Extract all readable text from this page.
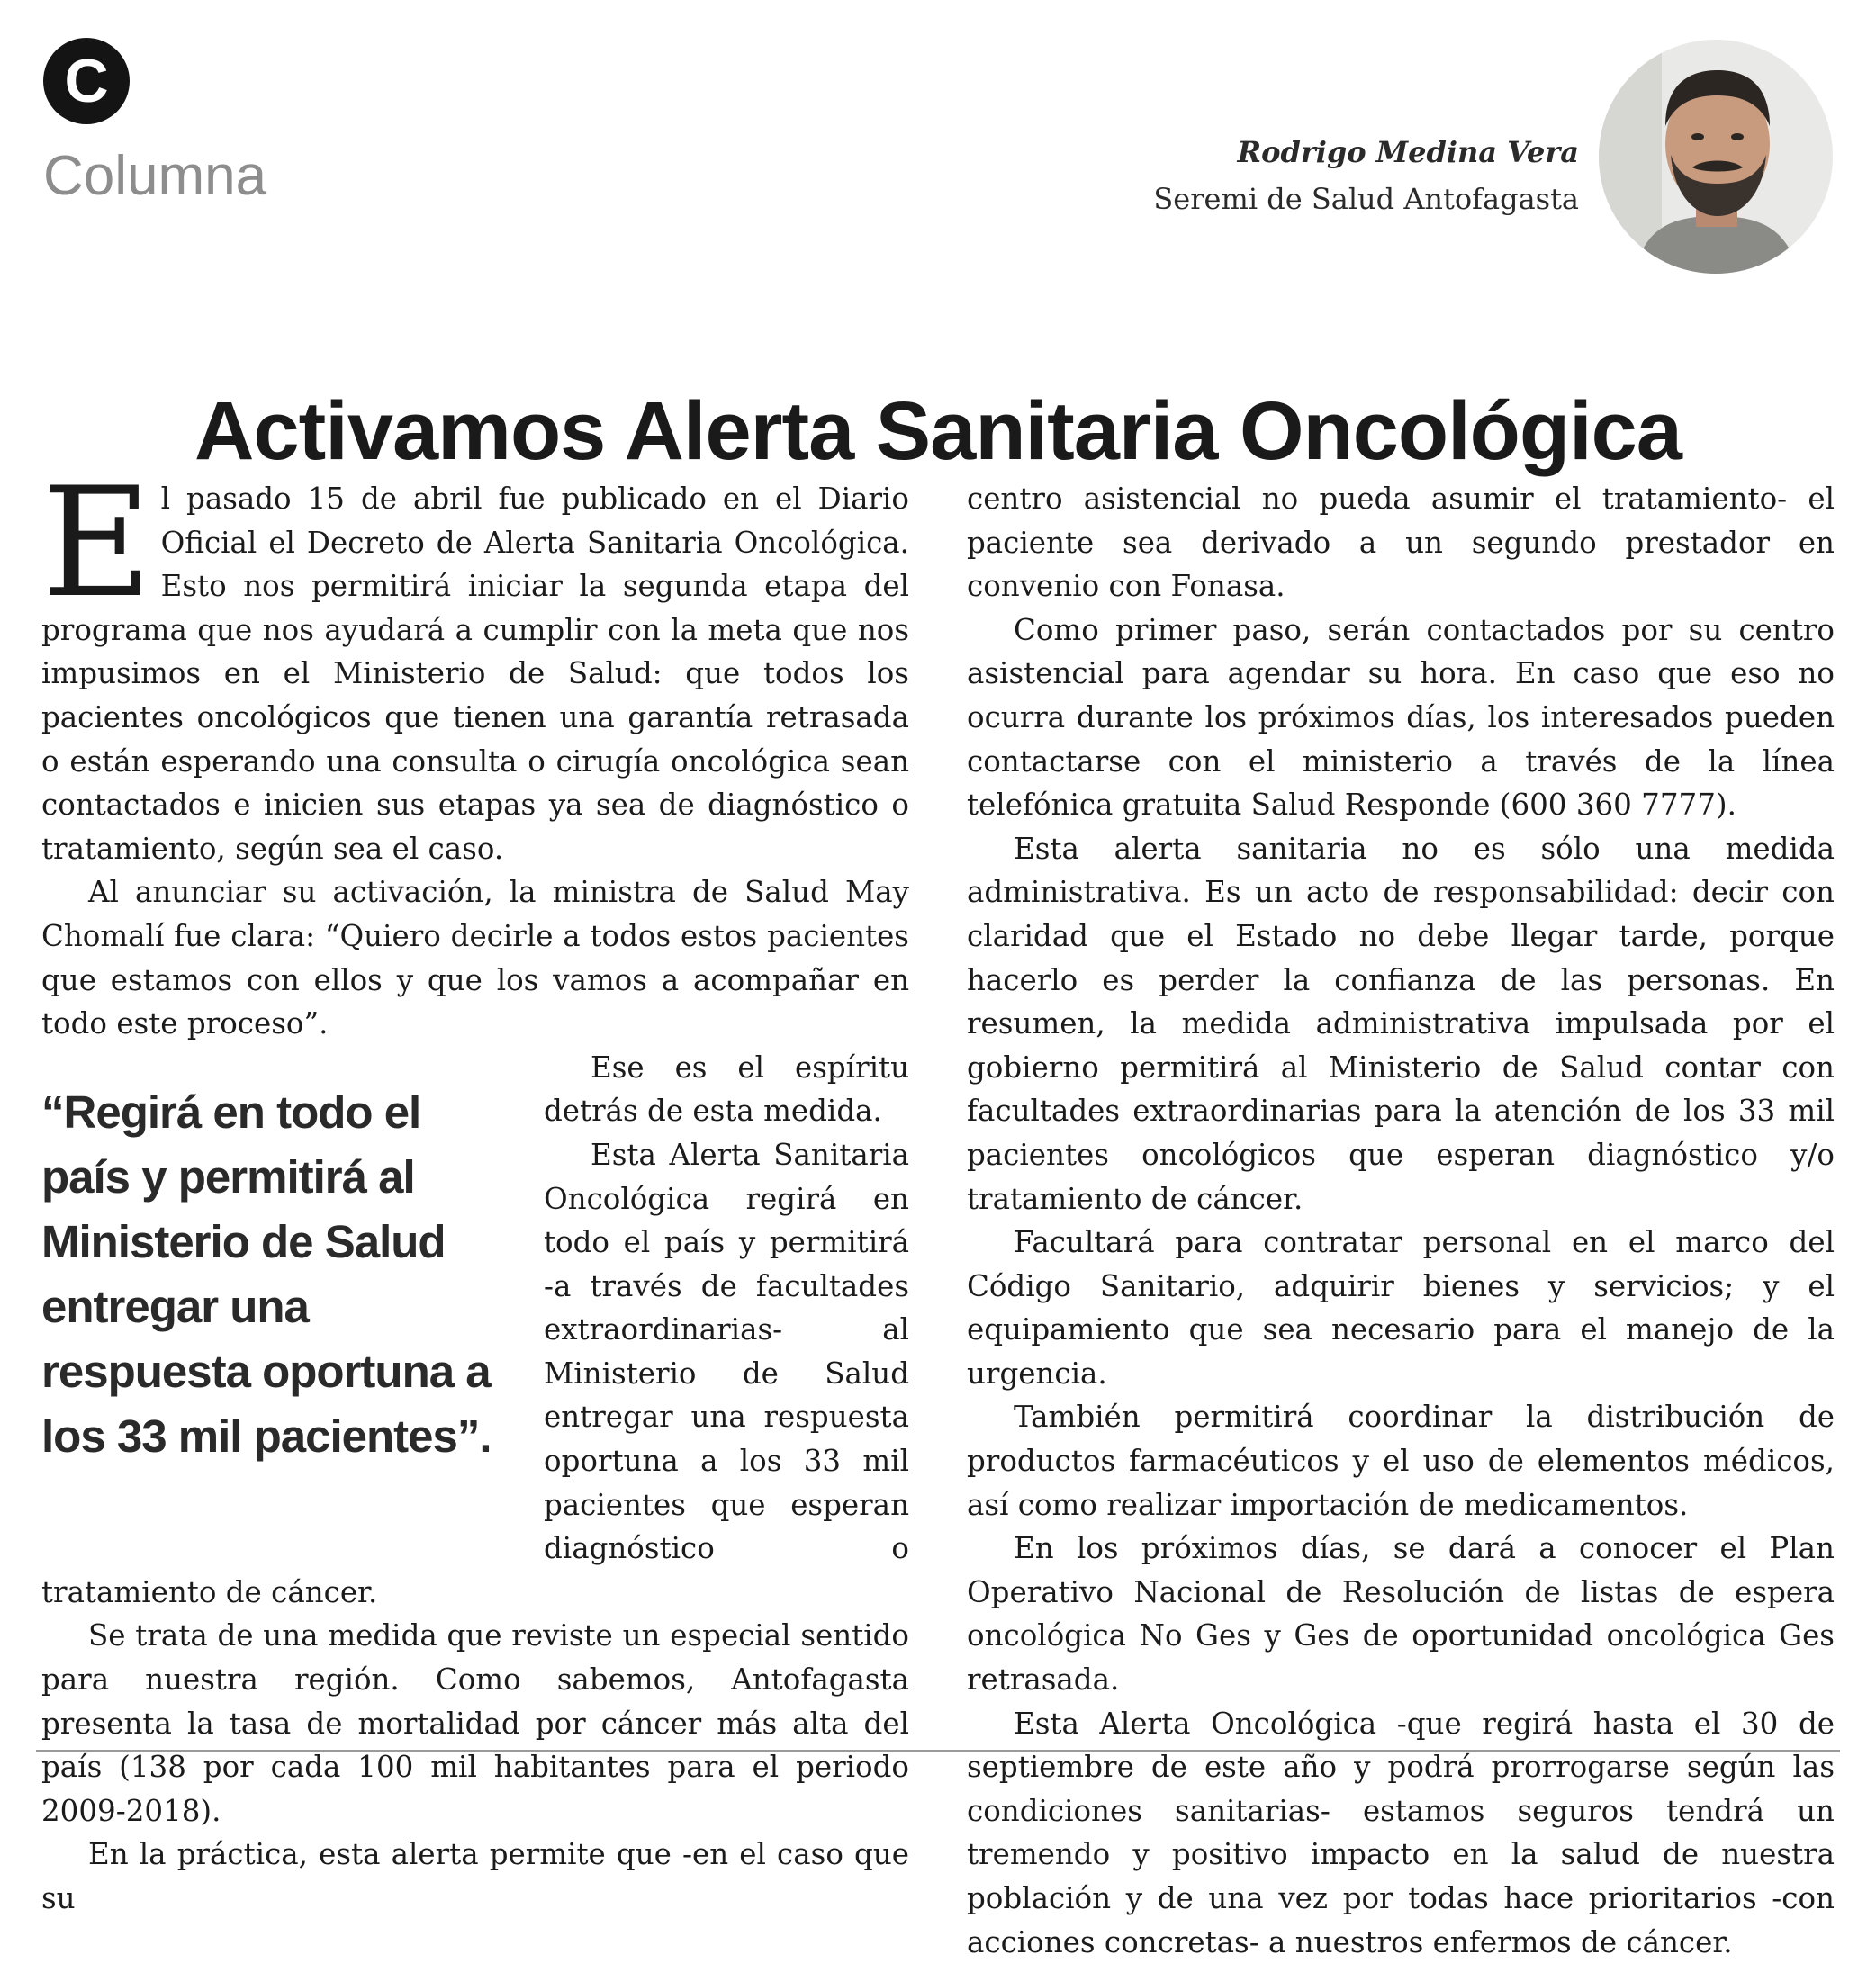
C
Columna	Rodrigo Medina Vera
Seremi de Salud Antofagasta
Activamos Alerta Sanitaria Oncológica

El pasado 15 de abril fue publicado en el Diario Oficial el Decreto de Alerta Sanitaria Oncológica. Esto nos permitirá iniciar la segunda etapa del programa que nos ayudará a cumplir con la meta que nos impusimos en el Ministerio de Salud: que todos los pacientes oncológicos que tienen una garantía retrasada o están esperando una consulta o cirugía oncológica sean contactados e inicien sus etapas ya sea de diagnóstico o tratamiento, según sea el caso.

Al anunciar su activación, la ministra de Salud May Chomalí fue clara: “Quiero decirle a todos estos pacientes que estamos con ellos y que los vamos a acompañar en todo este proceso”.

“Regirá en todo el país y permitirá al Ministerio de Salud entregar una respuesta oportuna a los 33 mil pacientes”.

Ese es el espíritu detrás de esta medida.

Esta Alerta Sanitaria Oncológica regirá en todo el país y permitirá -a través de facultades extraordinarias- al Ministerio de Salud entregar una respuesta oportuna a los 33 mil pacientes que esperan diagnóstico o tratamiento de cáncer.

Se trata de una medida que reviste un especial sentido para nuestra región. Como sabemos, Antofagasta presenta la tasa de mortalidad por cáncer más alta del país (138 por cada 100 mil habitantes para el periodo 2009-2018).

En la práctica, esta alerta permite que -en el caso que su

centro asistencial no pueda asumir el tratamiento- el paciente sea derivado a un segundo prestador en convenio con Fonasa.

Como primer paso, serán contactados por su centro asistencial para agendar su hora. En caso que eso no ocurra durante los próximos días, los interesados pueden contactarse con el ministerio a través de la línea telefónica gratuita Salud Responde (600 360 7777).

Esta alerta sanitaria no es sólo una medida administrativa. Es un acto de responsabilidad: decir con claridad que el Estado no debe llegar tarde, porque hacerlo es perder la confianza de las personas. En resumen, la medida administrativa impulsada por el gobierno permitirá al Ministerio de Salud contar con facultades extraordinarias para la atención de los 33 mil pacientes oncológicos que esperan diagnóstico y/o tratamiento de cáncer.

Facultará para contratar personal en el marco del Código Sanitario, adquirir bienes y servicios; y el equipamiento que sea necesario para el manejo de la urgencia.

También permitirá coordinar la distribución de productos farmacéuticos y el uso de elementos médicos, así como realizar importación de medicamentos.

En los próximos días, se dará a conocer el Plan Operativo Nacional de Resolución de listas de espera oncológica No Ges y Ges de oportunidad oncológica Ges retrasada.

Esta Alerta Oncológica -que regirá hasta el 30 de septiembre de este año y podrá prorrogarse según las condiciones sanitarias- estamos seguros tendrá un tremendo y positivo impacto en la salud de nuestra población y de una vez por todas hace prioritarios -con acciones concretas- a nuestros enfermos de cáncer.
